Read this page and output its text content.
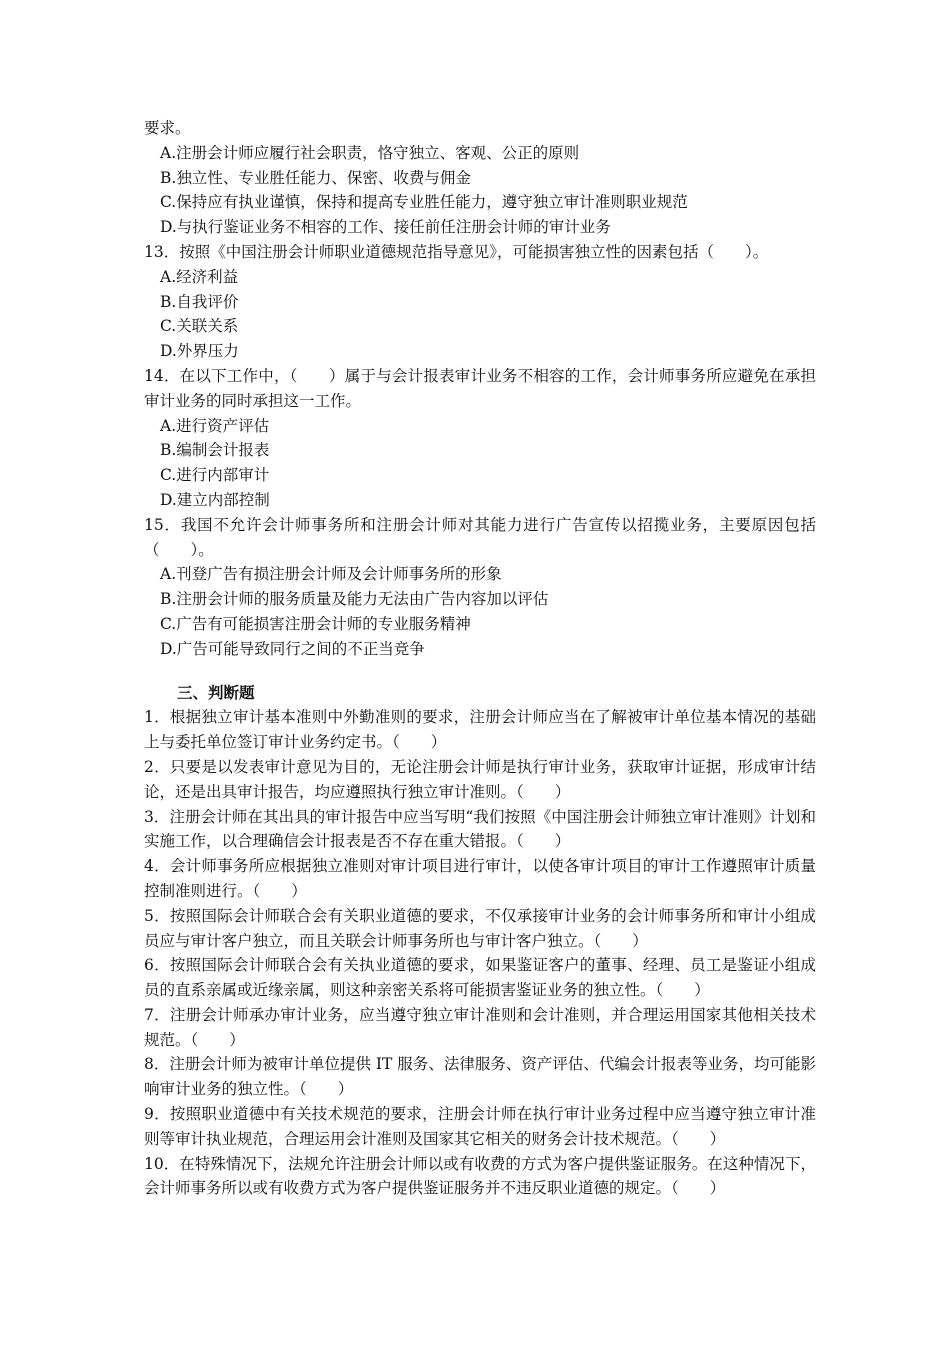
要求。
A.注册会计师应履行社会职责，恪守独立、客观、公正的原则
B.独立性、专业胜任能力、保密、收费与佣金
C.保持应有执业谨慎，保持和提高专业胜任能力，遵守独立审计准则职业规范
D.与执行鉴证业务不相容的工作、接任前任注册会计师的审计业务
13．按照《中国注册会计师职业道德规范指导意见》，可能损害独立性的因素包括（　　）。
A.经济利益
B.自我评价
C.关联关系
D.外界压力
14．在以下工作中，（　　）属于与会计报表审计业务不相容的工作，会计师事务所应避免在承担审计业务的同时承担这一工作。
A.进行资产评估
B.编制会计报表
C.进行内部审计
D.建立内部控制
15．我国不允许会计师事务所和注册会计师对其能力进行广告宣传以招揽业务，主要原因包括（　　）。
A.刊登广告有损注册会计师及会计师事务所的形象
B.注册会计师的服务质量及能力无法由广告内容加以评估
C.广告有可能损害注册会计师的专业服务精神
D.广告可能导致同行之间的不正当竞争
三、判断题
1．根据独立审计基本准则中外勤准则的要求，注册会计师应当在了解被审计单位基本情况的基础上与委托单位签订审计业务约定书。（　　）
2．只要是以发表审计意见为目的，无论注册会计师是执行审计业务，获取审计证据，形成审计结论，还是出具审计报告，均应遵照执行独立审计准则。（　　）
3．注册会计师在其出具的审计报告中应当写明“我们按照《中国注册会计师独立审计准则》计划和实施工作，以合理确信会计报表是否不存在重大错报。（　　）
4．会计师事务所应根据独立准则对审计项目进行审计，以使各审计项目的审计工作遵照审计质量控制准则进行。（　　）
5．按照国际会计师联合会有关职业道德的要求，不仅承接审计业务的会计师事务所和审计小组成员应与审计客户独立，而且关联会计师事务所也与审计客户独立。（　　）
6．按照国际会计师联合会有关执业道德的要求，如果鉴证客户的董事、经理、员工是鉴证小组成员的直系亲属或近缘亲属，则这种亲密关系将可能损害鉴证业务的独立性。（　　）
7．注册会计师承办审计业务，应当遵守独立审计准则和会计准则，并合理运用国家其他相关技术规范。（　　）
8．注册会计师为被审计单位提供 IT 服务、法律服务、资产评估、代编会计报表等业务，均可能影响审计业务的独立性。（　　）
9．按照职业道德中有关技术规范的要求，注册会计师在执行审计业务过程中应当遵守独立审计准则等审计执业规范，合理运用会计准则及国家其它相关的财务会计技术规范。（　　）
10．在特殊情况下，法规允许注册会计师以或有收费的方式为客户提供鉴证服务。在这种情况下，会计师事务所以或有收费方式为客户提供鉴证服务并不违反职业道德的规定。（　　）
